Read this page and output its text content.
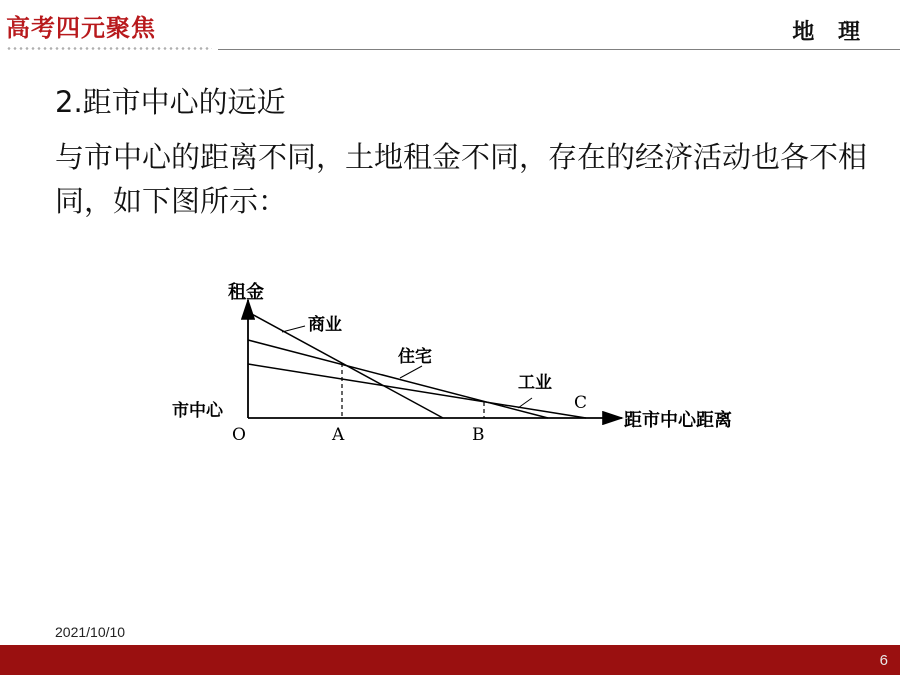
高考四元聚焦	地 理
2.距市中心的远近
与市中心的距离不同，土地租金不同，存在的经济活动也各不相同，如下图所示：
租金
距市中心距离
市中心
O	A	B
C
商业
住宅
工业
2021/10/10
6
